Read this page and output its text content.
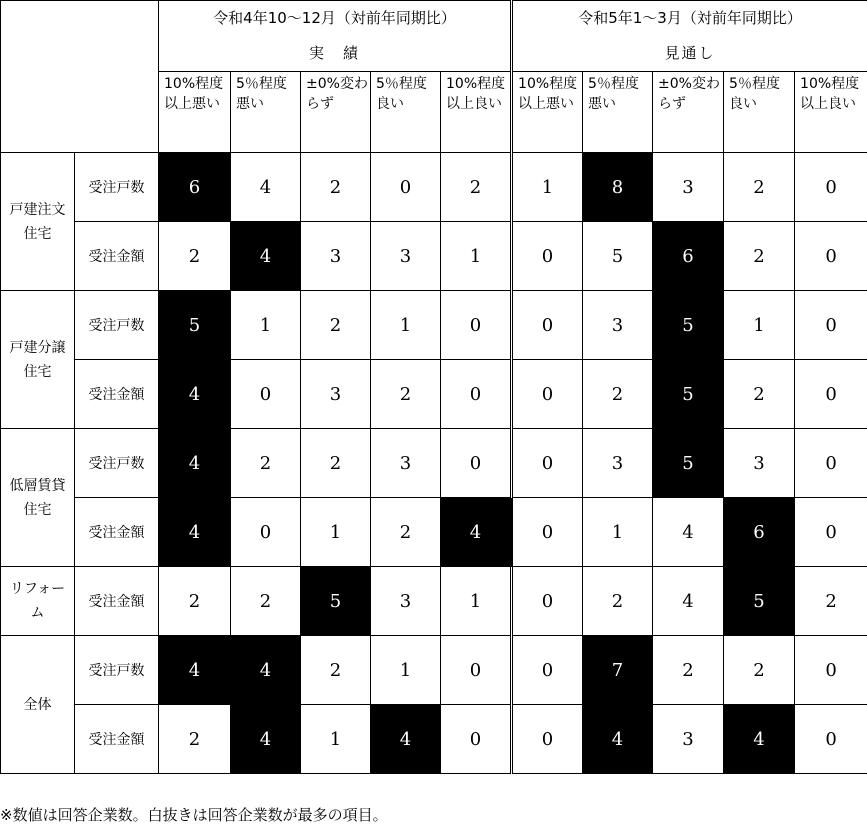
		令和4年10〜12月（対前年同期比）					令和5年1〜3月（対前年同期比）				
		実　績					見通し				
		10%程度以上悪い	5％程度悪い	±0%変わらず	5％程度良い	10%程度以上良い	10%程度以上悪い	5％程度悪い	±0%変わらず	5％程度良い	10%程度以上良い
戸建注文住宅	受注戸数	6	4	2	0	2	1	8	3	2	0
	受注金額	2	4	3	3	1	0	5	6	2	0
戸建分譲住宅	受注戸数	5	1	2	1	0	0	3	5	1	0
	受注金額	4	0	3	2	0	0	2	5	2	0
低層賃貸住宅	受注戸数	4	2	2	3	0	0	3	5	3	0
	受注金額	4	0	1	2	4	0	1	4	6	0
リフォーム	受注金額	2	2	5	3	1	0	2	4	5	2
全体	受注戸数	4	4	2	1	0	0	7	2	2	0
	受注金額	2	4	1	4	0	0	4	3	4	0
※数値は回答企業数。白抜きは回答企業数が最多の項目。
